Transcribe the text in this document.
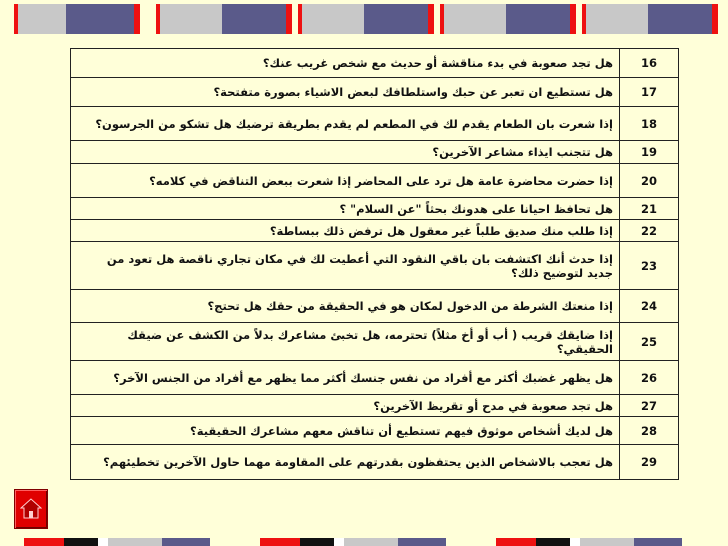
هل تجد صعوبة في بدء مناقشة أو حديث مع شخص غريب عنك؟	16
هل تستطيع ان تعبر عن حبك واستلطافك لبعض الاشياء بصورة متفتحة؟	17
إذا شعرت بان الطعام يقدم لك في المطعم لم يقدم بطريقة ترضيك هل تشكو من الجرسون؟	18
هل تتجنب ايذاء مشاعر الآخرين؟	19
إذا حضرت محاضرة عامة هل ترد على المحاضر إذا شعرت ببعض التناقض في كلامه؟	20
هل تحافظ احيانا على هدونك بحثاً "عن السلام" ؟	21
إذا طلب منك صديق طلباً غير معقول هل ترفض ذلك ببساطة؟	22
إذا حدث أنك اكتشفت بان باقي النقود التي أعطيت لك في مكان تجاري ناقصة هل تعود من جديد لتوضيح ذلك؟	23
إذا منعتك الشرطة من الدخول لمكان هو في الحقيقة من حقك هل تحتج؟	24
إذا ضايقك قريب ( أب أو أخ مثلاً) تحترمه، هل تخبئ مشاعرك بدلاً من الكشف عن ضيقك الحقيقي؟	25
هل يظهر غضبك أكثر مع أفراد من نفس جنسك أكثر مما يظهر مع أفراد من الجنس الآخر؟	26
هل تجد صعوبة في مدح أو تقريظ الآخرين؟	27
هل لديك أشخاص موثوق فيهم تستطيع أن تناقش معهم مشاعرك الحقيقية؟	28
هل تعجب بالاشخاص الذين يحتفظون بقدرتهم على المقاومة مهما حاول الآخرين تخطيئهم؟	29
